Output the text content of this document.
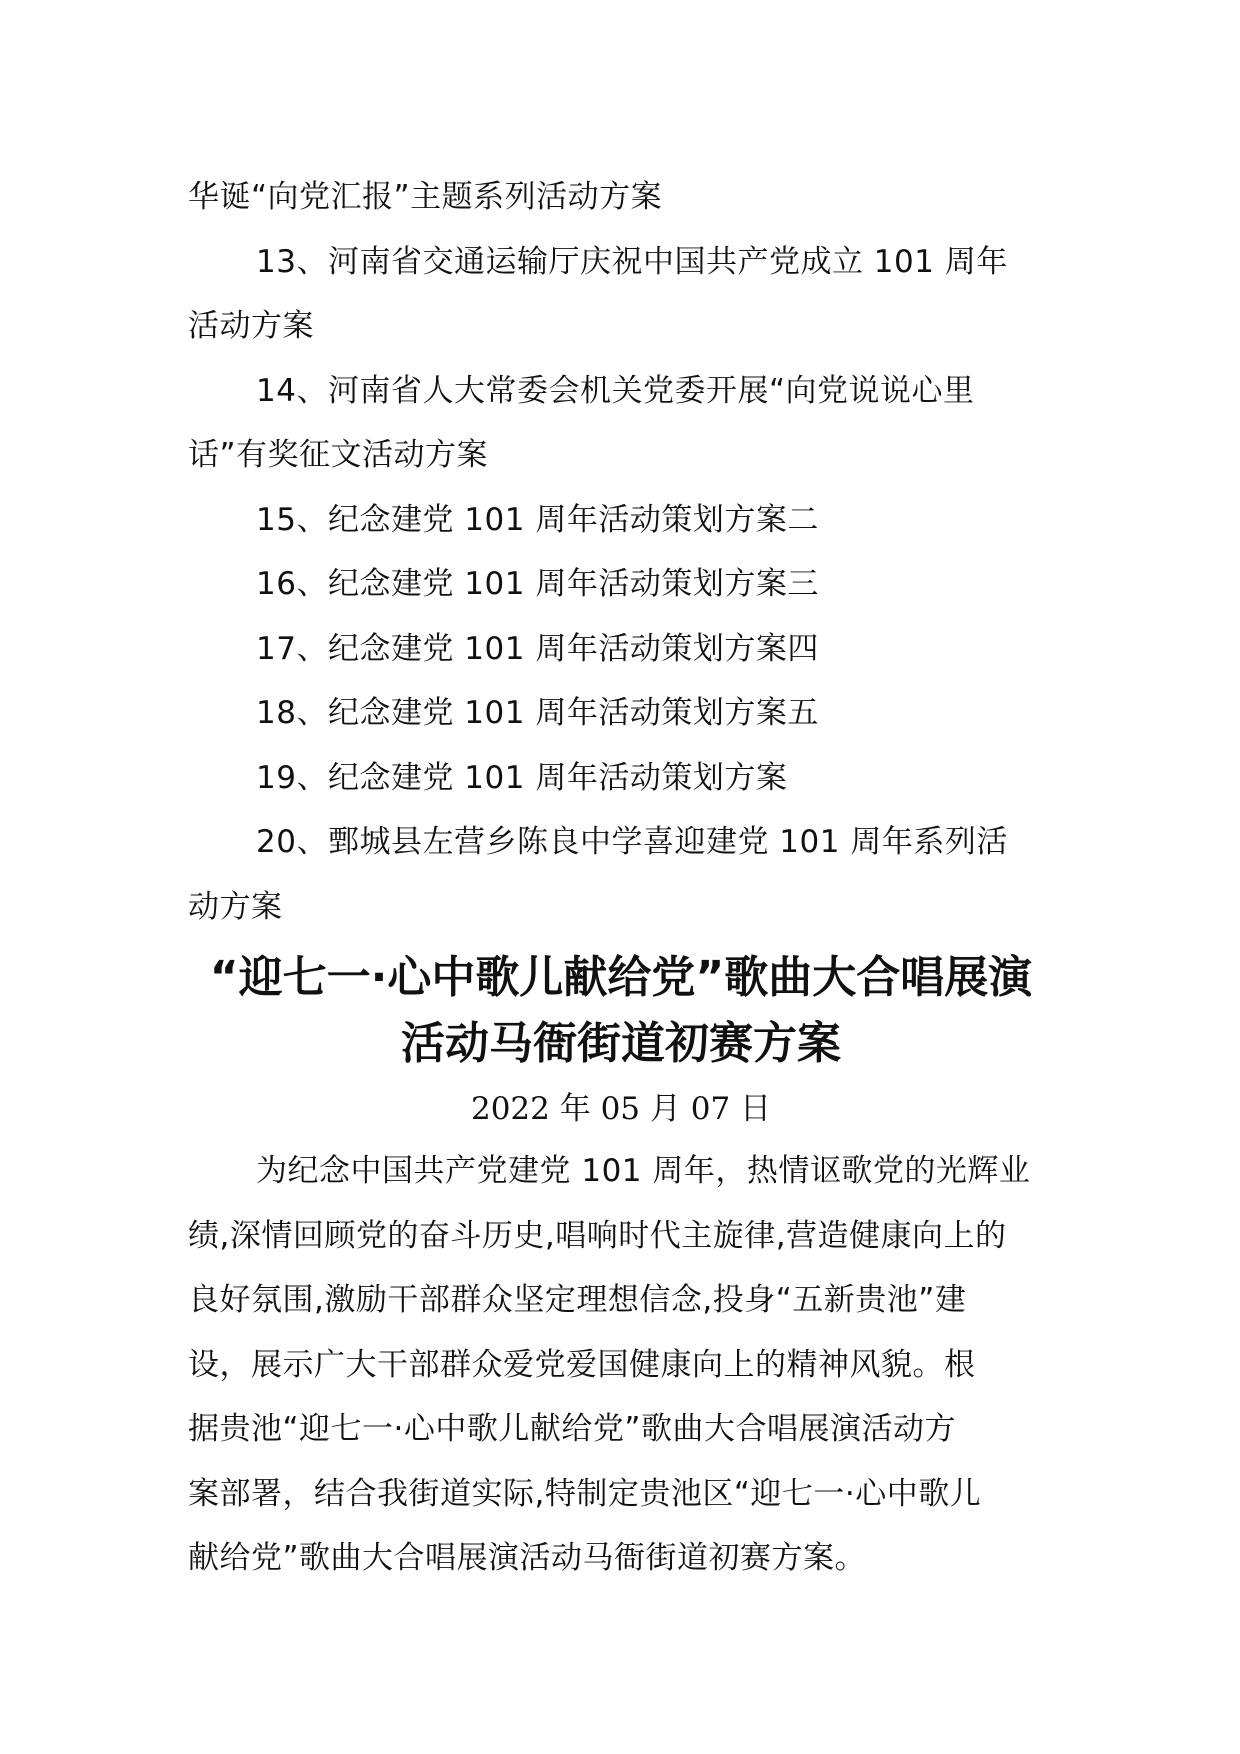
华诞“向党汇报”主题系列活动方案
13、河南省交通运输厅庆祝中国共产党成立 101 周年
活动方案
14、河南省人大常委会机关党委开展“向党说说心里
话”有奖征文活动方案
15、纪念建党 101 周年活动策划方案二
16、纪念建党 101 周年活动策划方案三
17、纪念建党 101 周年活动策划方案四
18、纪念建党 101 周年活动策划方案五
19、纪念建党 101 周年活动策划方案
20、鄄城县左营乡陈良中学喜迎建党 101 周年系列活
动方案
“迎七一·心中歌儿献给党”歌曲大合唱展演
活动马衙街道初赛方案
2022 年 05 月 07 日
为纪念中国共产党建党 101 周年，热情讴歌党的光辉业
绩,深情回顾党的奋斗历史,唱响时代主旋律,营造健康向上的
良好氛围,激励干部群众坚定理想信念,投身“五新贵池”建
设，展示广大干部群众爱党爱国健康向上的精神风貌。根
据贵池“迎七一·心中歌儿献给党”歌曲大合唱展演活动方
案部署，结合我街道实际,特制定贵池区“迎七一·心中歌儿
献给党”歌曲大合唱展演活动马衙街道初赛方案。
